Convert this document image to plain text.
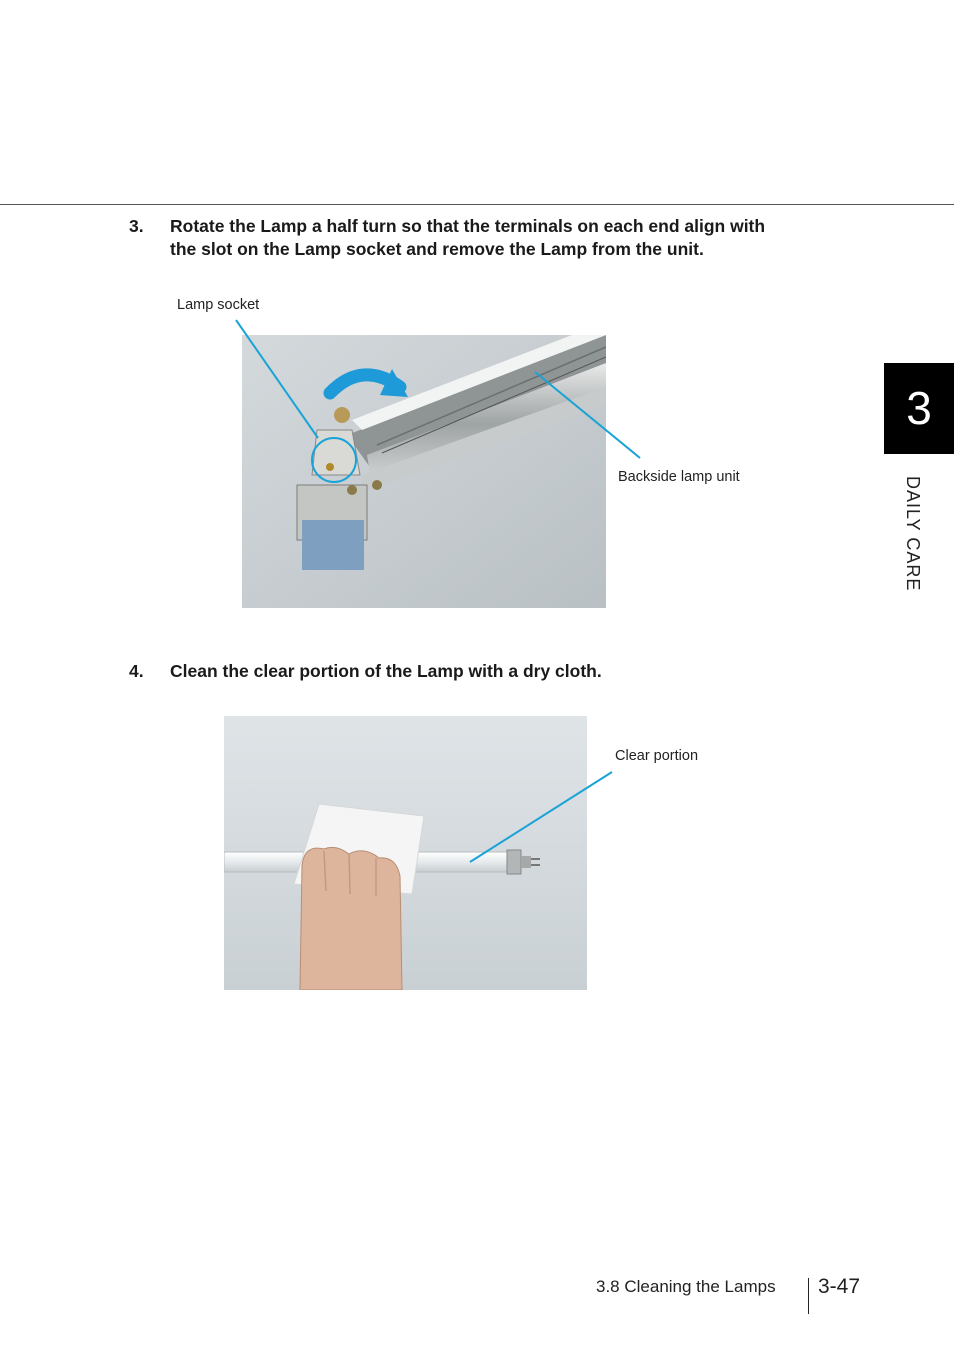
3. Rotate the Lamp a half turn so that the terminals on each end align with
the slot on the Lamp socket and remove the Lamp from the unit.
Lamp socket
Backside lamp unit
4. Clean the clear portion of the Lamp with a dry cloth.
Clear portion
3
DAILY CARE
3.8 Cleaning the Lamps 3-47
